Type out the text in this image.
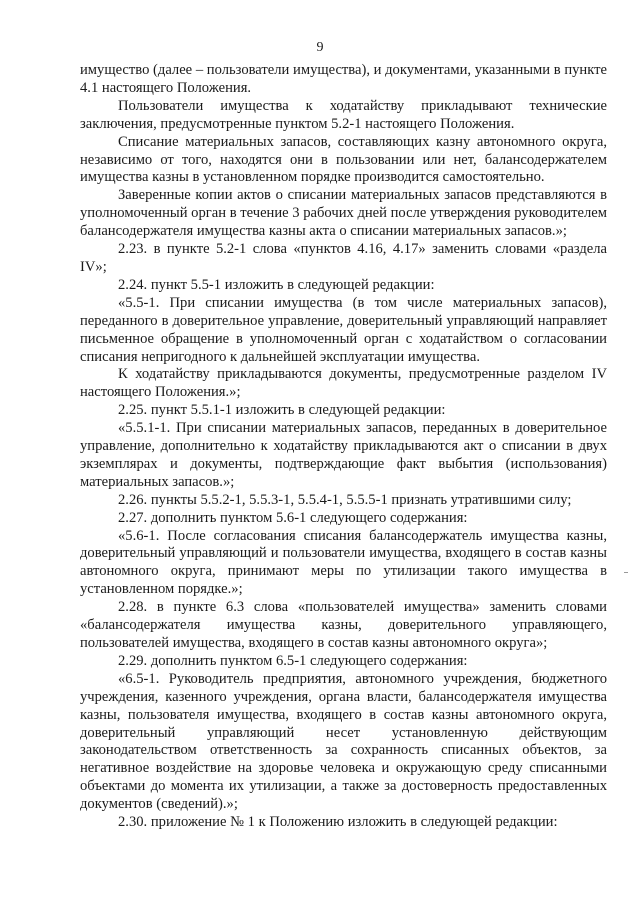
9

имущество (далее – пользователи имущества), и документами, указанными в пункте 4.1 настоящего Положения.

Пользователи имущества к ходатайству прикладывают технические заключения, предусмотренные пунктом 5.2-1 настоящего Положения.

Списание материальных запасов, составляющих казну автономного округа, независимо от того, находятся они в пользовании или нет, балансодержателем имущества казны в установленном порядке производится самостоятельно.

Заверенные копии актов о списании материальных запасов представляются в уполномоченный орган в течение 3 рабочих дней после утверждения руководителем балансодержателя имущества казны акта о списании материальных запасов.»;

2.23. в пункте 5.2-1 слова «пунктов 4.16, 4.17» заменить словами «раздела IV»;

2.24. пункт 5.5-1 изложить в следующей редакции:

«5.5-1. При списании имущества (в том числе материальных запасов), переданного в доверительное управление, доверительный управляющий направляет письменное обращение в уполномоченный орган с ходатайством о согласовании списания непригодного к дальнейшей эксплуатации имущества.

К ходатайству прикладываются документы, предусмотренные разделом IV настоящего Положения.»;

2.25. пункт 5.5.1-1 изложить в следующей редакции:

«5.5.1-1. При списании материальных запасов, переданных в доверительное управление, дополнительно к ходатайству прикладываются акт о списании в двух экземплярах и документы, подтверждающие факт выбытия (использования) материальных запасов.»;

2.26. пункты 5.5.2-1, 5.5.3-1, 5.5.4-1, 5.5.5-1 признать утратившими силу;

2.27. дополнить пунктом 5.6-1 следующего содержания:

«5.6-1. После согласования списания балансодержатель имущества казны, доверительный управляющий и пользователи имущества, входящего в состав казны автономного округа, принимают меры по утилизации такого имущества в установленном порядке.»;

2.28. в пункте 6.3 слова «пользователей имущества» заменить словами «балансодержателя имущества казны, доверительного управляющего, пользователей имущества, входящего в состав казны автономного округа»;

2.29. дополнить пунктом 6.5-1 следующего содержания:

«6.5-1. Руководитель предприятия, автономного учреждения, бюджетного учреждения, казенного учреждения, органа власти, балансодержателя имущества казны, пользователя имущества, входящего в состав казны автономного округа, доверительный управляющий несет установленную действующим законодательством ответственность за сохранность списанных объектов, за негативное воздействие на здоровье человека и окружающую среду списанными объектами до момента их утилизации, а также за достоверность предоставленных документов (сведений).»;

2.30. приложение № 1 к Положению изложить в следующей редакции:
